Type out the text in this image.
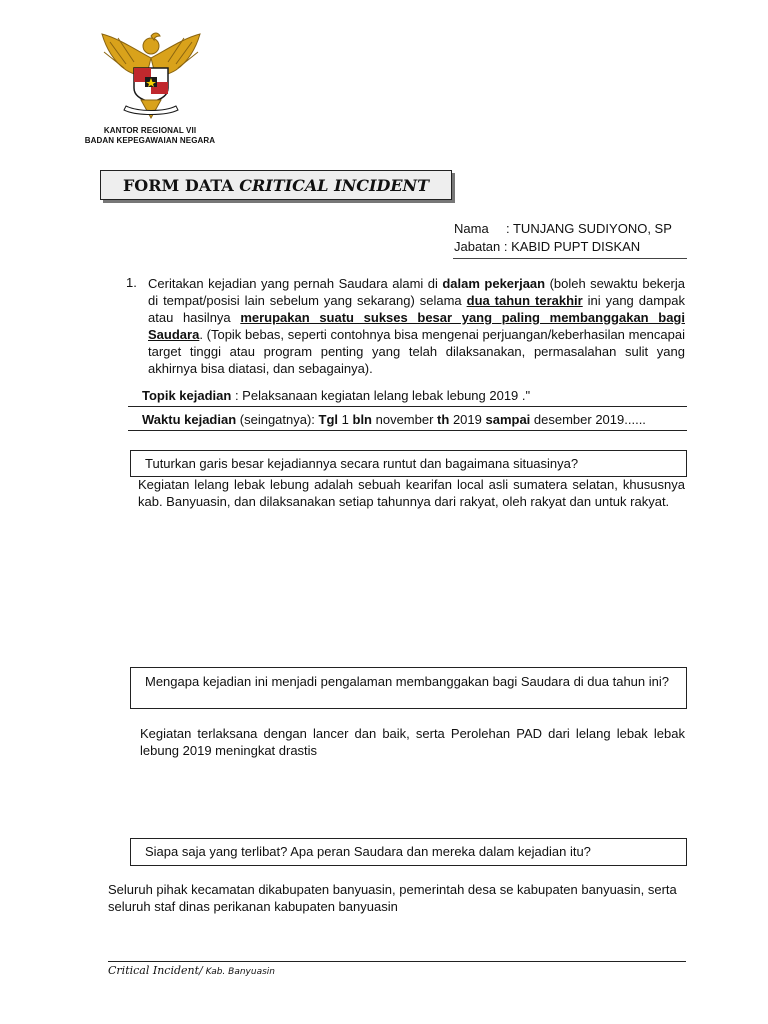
KANTOR REGIONAL VII
BADAN KEPEGAWAIAN NEGARA
FORM DATA
CRITICAL INCIDENT
Nama : TUNJANG SUDIYONO, SP
Jabatan : KABID PUPT DISKAN
1. Ceritakan kejadian yang pernah Saudara alami di dalam pekerjaan (boleh sewaktu bekerja di tempat/posisi lain sebelum yang sekarang) selama dua tahun terakhir ini yang dampak atau hasilnya merupakan suatu sukses besar yang paling membanggakan bagi Saudara. (Topik bebas, seperti contohnya bisa mengenai perjuangan/keberhasilan mencapai target tinggi atau program penting yang telah dilaksanakan, permasalahan sulit yang akhirnya bisa diatasi, dan sebagainya).
Topik kejadian : Pelaksanaan kegiatan lelang lebak lebung 2019 ."
Waktu kejadian (seingatnya): Tgl 1 bln november th 2019 sampai desember 2019......
Tuturkan garis besar kejadiannya secara runtut dan bagaimana situasinya?
Kegiatan lelang lebak lebung adalah sebuah kearifan local asli sumatera selatan, khususnya kab. Banyuasin, dan dilaksanakan setiap tahunnya dari rakyat, oleh rakyat dan untuk rakyat.
Mengapa kejadian ini menjadi pengalaman membanggakan bagi Saudara di dua tahun ini?
Kegiatan terlaksana dengan lancer dan baik, serta Perolehan PAD dari lelang lebak lebak lebung 2019 meningkat drastis
Siapa saja yang terlibat? Apa peran Saudara dan mereka dalam kejadian itu?
Seluruh pihak kecamatan dikabupaten banyuasin, pemerintah desa se kabupaten banyuasin, serta seluruh staf dinas perikanan kabupaten banyuasin
Critical Incident/ Kab. Banyuasin
